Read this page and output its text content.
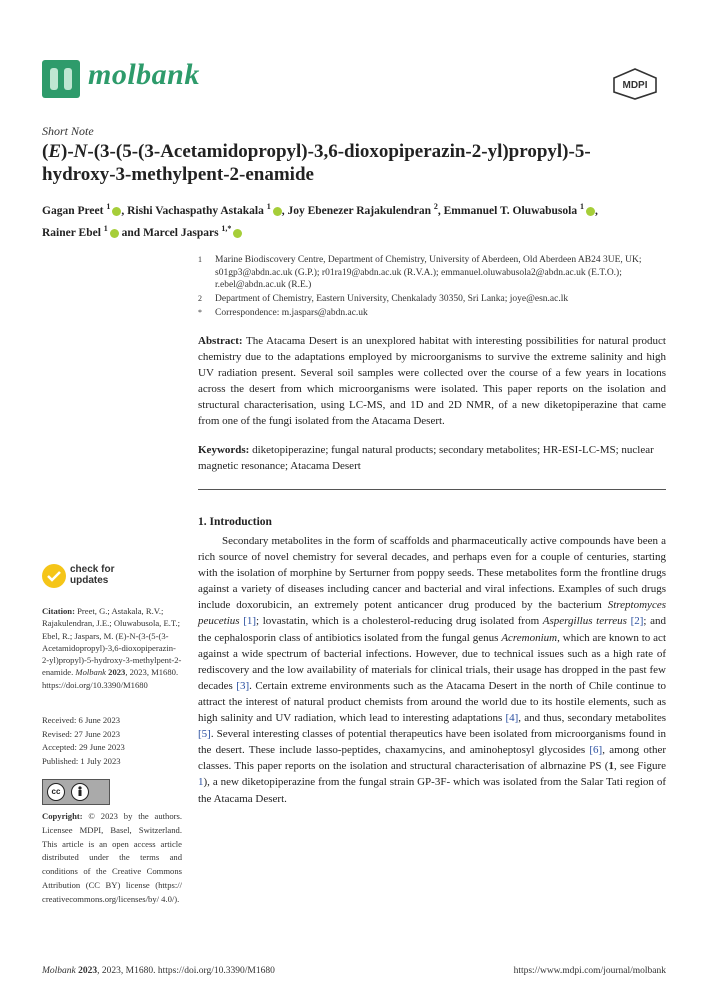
molbank	MDPI
Short Note
(E)-N-(3-(5-(3-Acetamidopropyl)-3,6-dioxopiperazin-2-yl)propyl)-5-hydroxy-3-methylpent-2-enamide
Gagan Preet $^1$ , Rishi Vachaspathy Astakala $^1$ , Joy Ebenezer Rajakulendran $^2$, Emmanuel T. Oluwabusola $^1$ ,
Rainer Ebel $^1$ and Marcel Jaspars $^{1,*}$
1 Marine Biodiscovery Centre, Department of Chemistry, University of Aberdeen, Old Aberdeen AB24 3UE, UK; s01gp3@abdn.ac.uk (G.P.); r01ra19@abdn.ac.uk (R.V.A.); emmanuel.oluwabusola2@abdn.ac.uk (E.T.O.); r.ebel@abdn.ac.uk (R.E.)
2 Department of Chemistry, Eastern University, Chenkalady 30350, Sri Lanka; joye@esn.ac.lk
* Correspondence: m.jaspars@abdn.ac.uk
Abstract: The Atacama Desert is an unexplored habitat with interesting possibilities for natural product chemistry due to the adaptations employed by microorganisms to survive the extreme salinity and high UV radiation present. Several soil samples were collected over the course of a few years in locations across the desert from which microorganisms were isolated. This paper reports on the isolation and structural characterisation, using LC-MS, and 1D and 2D NMR, of a new diketopiperazine that came from one of the fungi isolated from the Atacama Desert.
Keywords: diketopiperazine; fungal natural products; secondary metabolites; HR-ESI-LC-MS; nuclear magnetic resonance; Atacama Desert
1. Introduction
Secondary metabolites in the form of scaffolds and pharmaceutically active compounds have been a rich source of novel chemistry for several decades, and perhaps even for a couple of centuries, starting with the isolation of morphine by Serturner from poppy seeds. These metabolites form the frontline drugs against a variety of diseases including cancer and bacterial and viral infections. Examples of such drugs include doxorubicin, an extremely potent anticancer drug produced by the bacterium Streptomyces peucetius [1]; lovastatin, which is a cholesterol-reducing drug isolated from Aspergillus terreus [2]; and the cephalosporin class of antibiotics isolated from the fungal genus Acremonium, which are known to act against a wide spectrum of bacterial infections. However, due to technical issues such as a high rate of rediscovery and the low availability of materials for clinical trials, their usage has dropped in the past few decades [3]. Certain extreme environments such as the Atacama Desert in the north of Chile continue to attract the interest of natural product chemists from around the world due to its hostile elements, such as high salinity and UV radiation, which lead to interesting adaptations [4], and thus, secondary metabolites [5]. Several interesting classes of potential therapeutics have been isolated from microorganisms found in the desert. These include lasso-peptides, chaxamycins, and aminoheptosyl glycosides [6], among other classes. This paper reports on the isolation and structural characterisation of albrnazine PS (1, see Figure 1), a new diketopiperazine from the fungal strain GP-3F- which was isolated from the Salar Tati region of the Atacama Desert.
check for updates
Citation: Preet, G.; Astakala, R.V.; Rajakulendran, J.E.; Oluwabusola, E.T.; Ebel, R.; Jaspars, M. (E)-N-(3-(5-(3-Acetamidopropyl)-3,6-dioxopiperazin-2-yl)propyl)-5-hydroxy-3-methylpent-2-enamide. Molbank 2023, 2023, M1680. https://doi.org/10.3390/M1680
Received: 6 June 2023
Revised: 27 June 2023
Accepted: 29 June 2023
Published: 1 July 2023
cc
Copyright: © 2023 by the authors. Licensee MDPI, Basel, Switzerland. This article is an open access article distributed under the terms and conditions of the Creative Commons Attribution (CC BY) license (https:// creativecommons.org/licenses/by/ 4.0/).
Molbank 2023, 2023, M1680. https://doi.org/10.3390/M1680	https://www.mdpi.com/journal/molbank
